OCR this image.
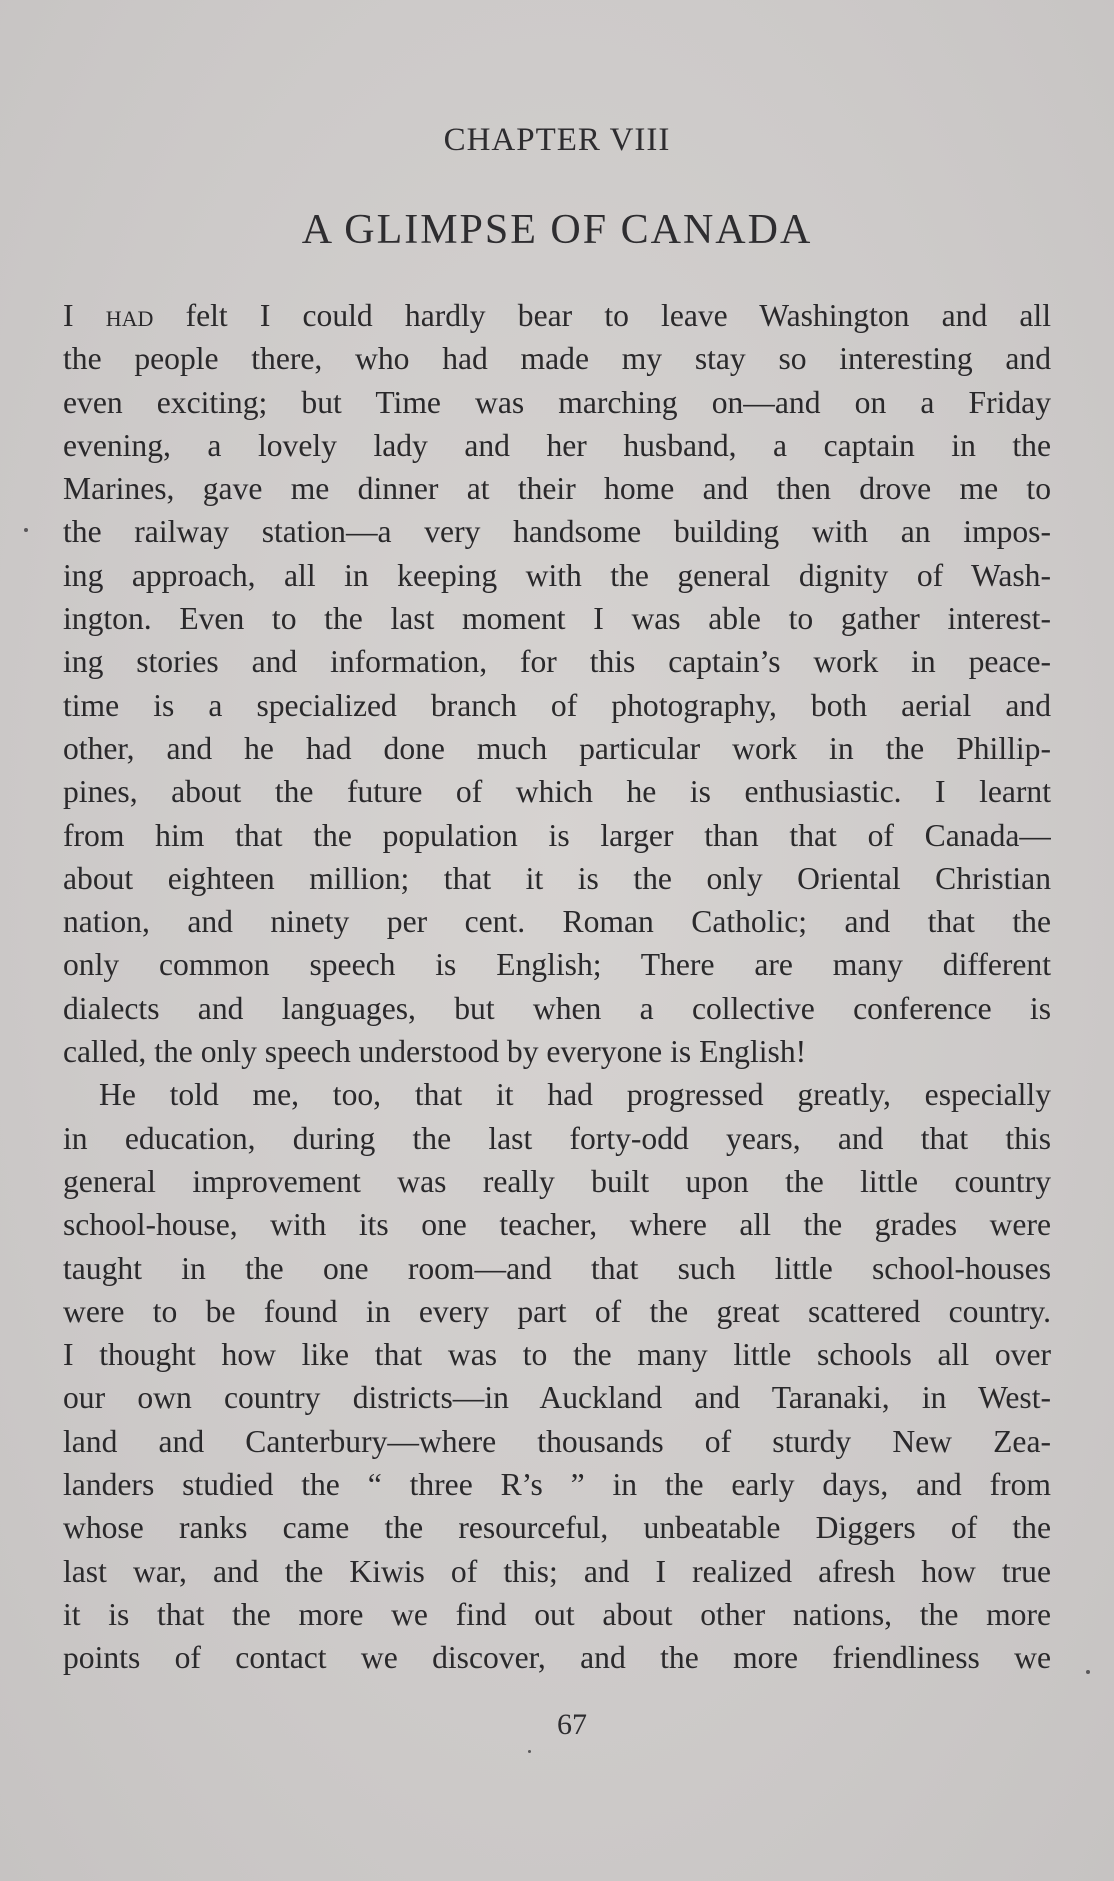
CHAPTER VIII
A GLIMPSE OF CANADA
I had felt I could hardly bear to leave Washington and all
the people there, who had made my stay so interesting and
even exciting; but Time was marching on—and on a Friday
evening, a lovely lady and her husband, a captain in the
Marines, gave me dinner at their home and then drove me to
the railway station—a very handsome building with an impos-
ing approach, all in keeping with the general dignity of Wash-
ington. Even to the last moment I was able to gather interest-
ing stories and information, for this captain’s work in peace-
time is a specialized branch of photography, both aerial and
other, and he had done much particular work in the Phillip-
pines, about the future of which he is enthusiastic. I learnt
from him that the population is larger than that of Canada—
about eighteen million; that it is the only Oriental Christian
nation, and ninety per cent. Roman Catholic; and that the
only common speech is English; There are many different
dialects and languages, but when a collective conference is
called, the only speech understood by everyone is English!
He told me, too, that it had progressed greatly, especially
in education, during the last forty-odd years, and that this
general improvement was really built upon the little country
school-house, with its one teacher, where all the grades were
taught in the one room—and that such little school-houses
were to be found in every part of the great scattered country.
I thought how like that was to the many little schools all over
our own country districts—in Auckland and Taranaki, in West-
land and Canterbury—where thousands of sturdy New Zea-
landers studied the “ three R’s ” in the early days, and from
whose ranks came the resourceful, unbeatable Diggers of the
last war, and the Kiwis of this; and I realized afresh how true
it is that the more we find out about other nations, the more
points of contact we discover, and the more friendliness we
67
